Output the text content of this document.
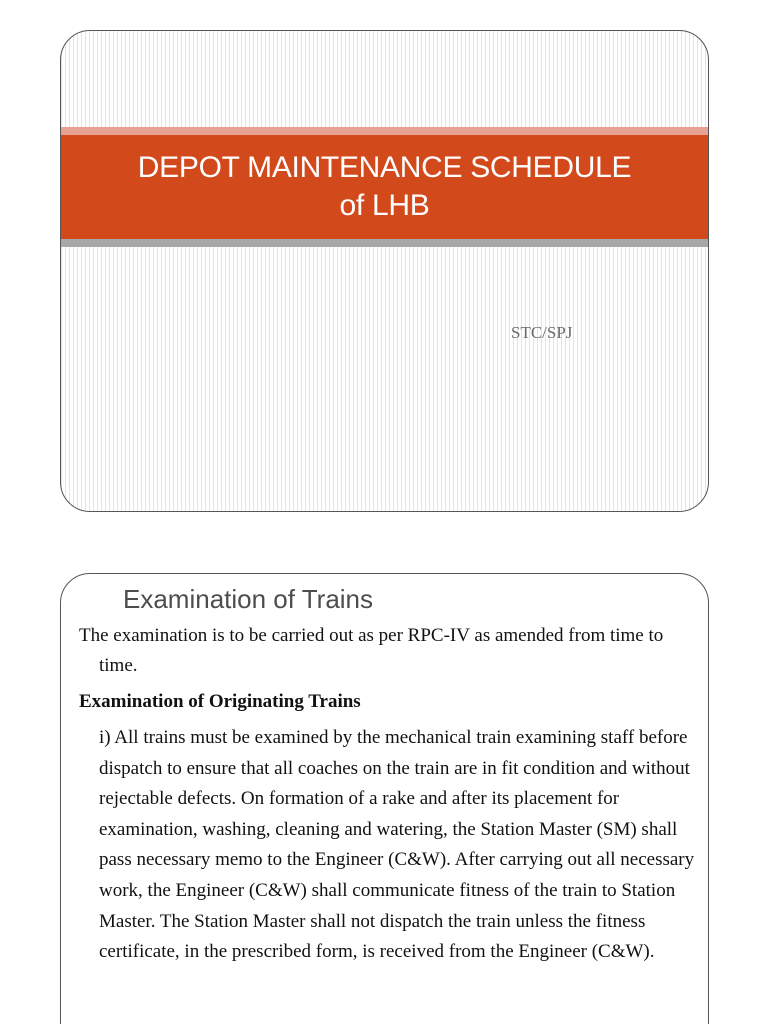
DEPOT MAINTENANCE SCHEDULE
of LHB
STC/SPJ
Examination of Trains

The examination is to be carried out as per RPC-IV as amended from time to time.

Examination of Originating Trains

i) All trains must be examined by the mechanical train examining staff before dispatch to ensure that all coaches on the train are in fit condition and without rejectable defects. On formation of a rake and after its placement for examination, washing, cleaning and watering, the Station Master (SM) shall pass necessary memo to the Engineer (C&W). After carrying out all necessary work, the Engineer (C&W) shall communicate fitness of the train to Station Master. The Station Master shall not dispatch the train unless the fitness certificate, in the prescribed form, is received from the Engineer (C&W).
